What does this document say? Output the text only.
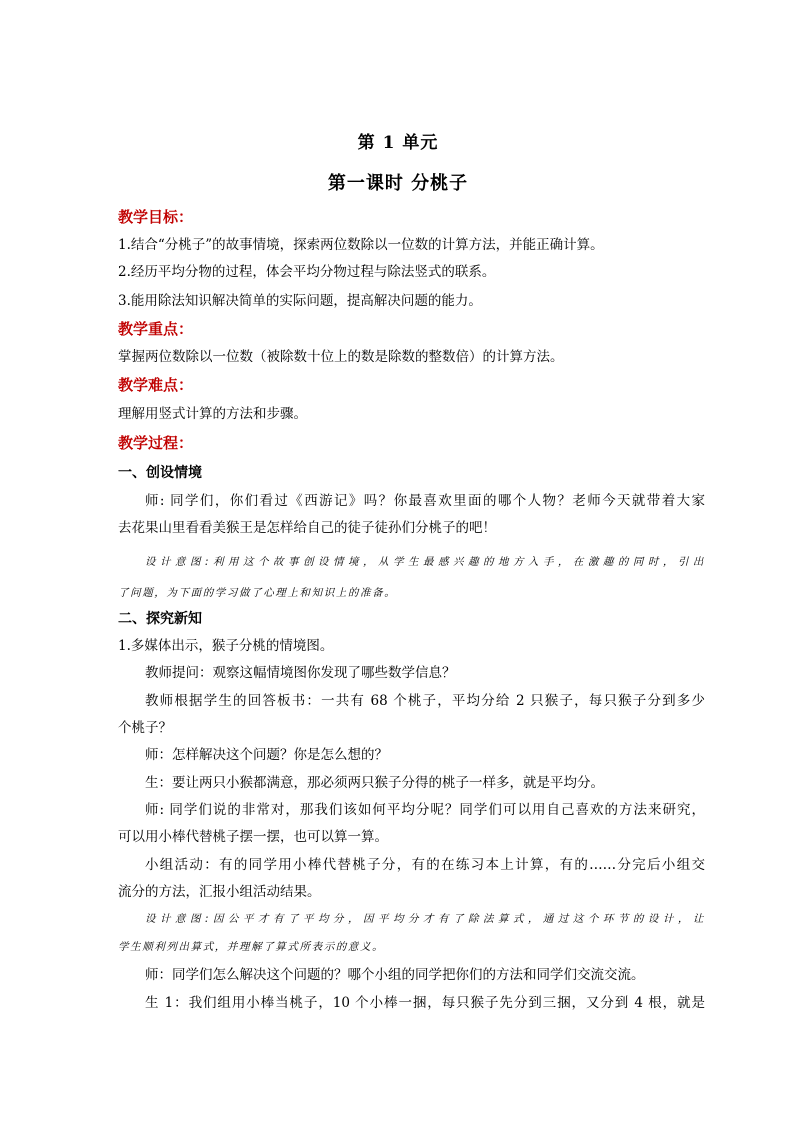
第 1 单元
第一课时 分桃子
教学目标：
1.结合“分桃子”的故事情境，探索两位数除以一位数的计算方法，并能正确计算。
2.经历平均分物的过程，体会平均分物过程与除法竖式的联系。
3.能用除法知识解决简单的实际问题，提高解决问题的能力。
教学重点：
掌握两位数除以一位数（被除数十位上的数是除数的整数倍）的计算方法。
教学难点：
理解用竖式计算的方法和步骤。
教学过程：
一、创设情境
师: 同学们，你们看过《西游记》吗？你最喜欢里面的哪个人物？老师今天就带着大家
去花果山里看看美猴王是怎样给自己的徒子徒孙们分桃子的吧！
设计意图:利用这个故事创设情境，从学生最感兴趣的地方入手，在激趣的同时，引出
了问题，为下面的学习做了心理上和知识上的准备。
二、探究新知
1.多媒体出示，猴子分桃的情境图。
教师提问：观察这幅情境图你发现了哪些数学信息？
教师根据学生的回答板书：一共有 68 个桃子，平均分给 2 只猴子，每只猴子分到多少
个桃子？
师：怎样解决这个问题？你是怎么想的？
生：要让两只小猴都满意，那必须两只猴子分得的桃子一样多，就是平均分。
师: 同学们说的非常对，那我们该如何平均分呢？同学们可以用自己喜欢的方法来研究，
可以用小棒代替桃子摆一摆，也可以算一算。
小组活动：有的同学用小棒代替桃子分，有的在练习本上计算，有的……分完后小组交
流分的方法，汇报小组活动结果。
设计意图:因公平才有了平均分，因平均分才有了除法算式，通过这个环节的设计，让
学生顺利列出算式，并理解了算式所表示的意义。
师：同学们怎么解决这个问题的？哪个小组的同学把你们的方法和同学们交流交流。
生 1：我们组用小棒当桃子，10 个小棒一捆，每只猴子先分到三捆，又分到 4 根，就是
